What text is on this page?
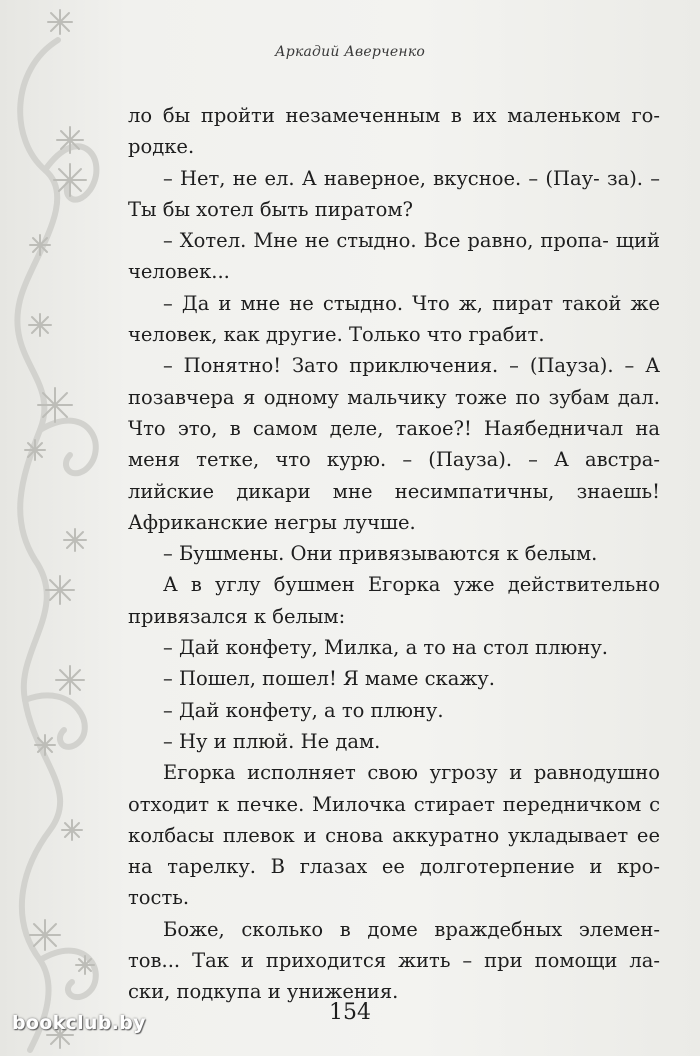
Аркадий Аверченко

ло бы пройти незамеченным в их маленьком го- родке.

– Нет, не ел. А наверное, вкусное. – (Пау- за). – Ты бы хотел быть пиратом?

– Хотел. Мне не стыдно. Все равно, пропа- щий человек...

– Да и мне не стыдно. Что ж, пират такой же человек, как другие. Только что грабит.

– Понятно! Зато приключения. – (Пауза). – А позавчера я одному мальчику тоже по зубам дал. Что это, в самом деле, такое?! Наябедничал на меня тетке, что курю. – (Пауза). – А австра- лийские дикари мне несимпатичны, знаешь! Африканские негры лучше.

– Бушмены. Они привязываются к белым.

А в углу бушмен Егорка уже действительно привязался к белым:

– Дай конфету, Милка, а то на стол плюну.

– Пошел, пошел! Я маме скажу.

– Дай конфету, а то плюну.

– Ну и плюй. Не дам.

Егорка исполняет свою угрозу и равнодушно отходит к печке. Милочка стирает передничком с колбасы плевок и снова аккуратно укладывает ее на тарелку. В глазах ее долготерпение и кро- тость.

Боже, сколько в доме враждебных элемен- тов... Так и приходится жить – при помощи ла- ски, подкупа и унижения.

154
bookclub.by
